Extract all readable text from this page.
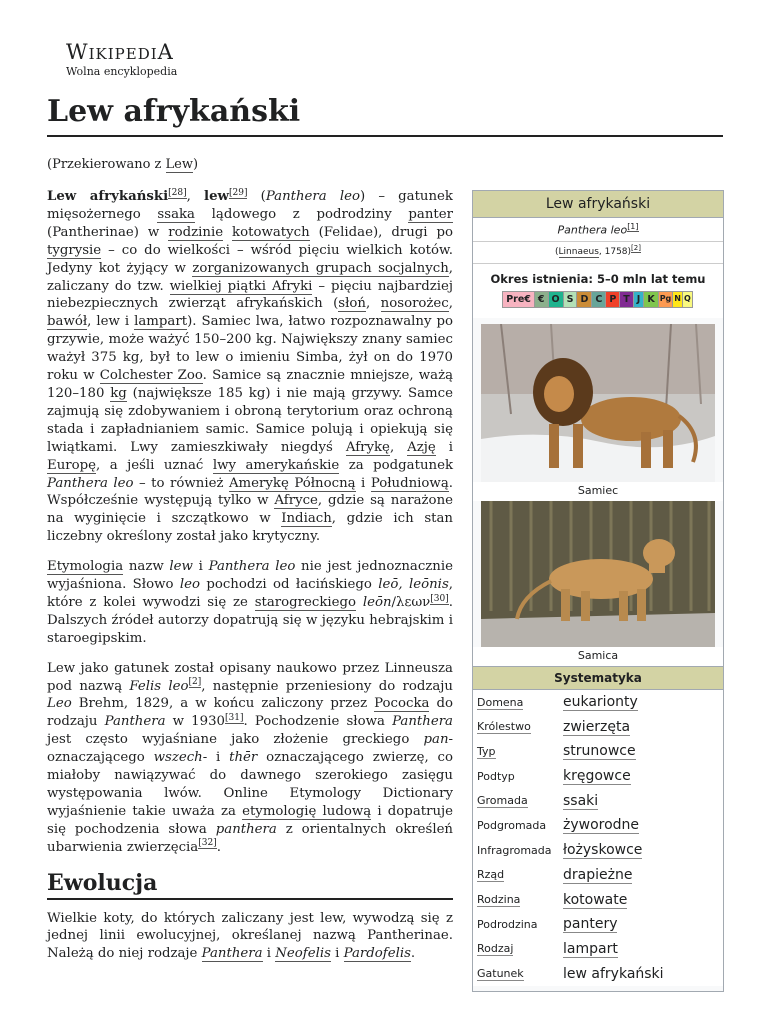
WIKIPEDIA
Wolna encyklopedia
Lew afrykański
(Przekierowano z Lew)

Lew afrykański[28], lew[29] (Panthera leo) – gatunek mięsożernego ssaka lądowego z podrodziny panter (Pantherinae) w rodzinie kotowatych (Felidae), drugi po tygrysie – co do wielkości – wśród pięciu wielkich kotów. Jedyny kot żyjący w zorganizowanych grupach socjalnych, zaliczany do tzw. wielkiej piątki Afryki – pięciu najbardziej niebezpiecznych zwierząt afrykańskich (słoń, nosorożec, bawół, lew i lampart). Samiec lwa, łatwo rozpoznawalny po grzywie, może ważyć 150–200 kg. Największy znany samiec ważył 375 kg, był to lew o imieniu Simba, żył on do 1970 roku w Colchester Zoo. Samice są znacznie mniejsze, ważą 120–180 kg (największe 185 kg) i nie mają grzywy. Samce zajmują się zdobywaniem i obroną terytorium oraz ochroną stada i zapładnianiem samic. Samice polują i opiekują się lwiątkami. Lwy zamieszkiwały niegdyś Afrykę, Azję i Europę, a jeśli uznać lwy amerykańskie za podgatunek Panthera leo – to również Amerykę Północną i Południową. Współcześnie występują tylko w Afryce, gdzie są narażone na wyginięcie i szczątkowo w Indiach, gdzie ich stan liczebny określony został jako krytyczny.

Etymologia nazw lew i Panthera leo nie jest jednoznacznie wyjaśniona. Słowo leo pochodzi od łacińskiego leō, leōnis, które z kolei wywodzi się ze starogreckiego leōn/λεων[30]. Dalszych źródeł autorzy dopatrują się w języku hebrajskim i staroegipskim.

Lew jako gatunek został opisany naukowo przez Linneusza pod nazwą Felis leo[2], następnie przeniesiony do rodzaju Leo Brehm, 1829, a w końcu zaliczony przez Pococka do rodzaju Panthera w 1930[31]. Pochodzenie słowa Panthera jest często wyjaśniane jako złożenie greckiego pan- oznaczającego wszech- i thēr oznaczającego zwierzę, co miałoby nawiązywać do dawnego szerokiego zasięgu występowania lwów. Online Etymology Dictionary wyjaśnienie takie uważa za etymologię ludową i dopatruje się pochodzenia słowa panthera z orientalnych określeń ubarwienia zwierzęcia[32].

Ewolucja

Wielkie koty, do których zaliczany jest lew, wywodzą się z jednej linii ewolucyjnej, określanej nazwą Pantherinae. Należą do niej rodzaje Panthera i Neofelis i Pardofelis.

Lew afrykański
Panthera leo[1]
(Linnaeus, 1758)[2]
Okres istnienia: 5–0 mln lat temu
Pre€ € O S D C P T J K Pg N Q
Samiec
Samica
Systematyka
Domena	eukarionty
Królestwo	zwierzęta
Typ	strunowce
Podtyp	kręgowce
Gromada	ssaki
Podgromada	żyworodne
Infragromada łożyskowce
Rząd	drapieżne
Rodzina	kotowate
Podrodzina	pantery
Rodzaj	lampart
Gatunek	lew afrykański
